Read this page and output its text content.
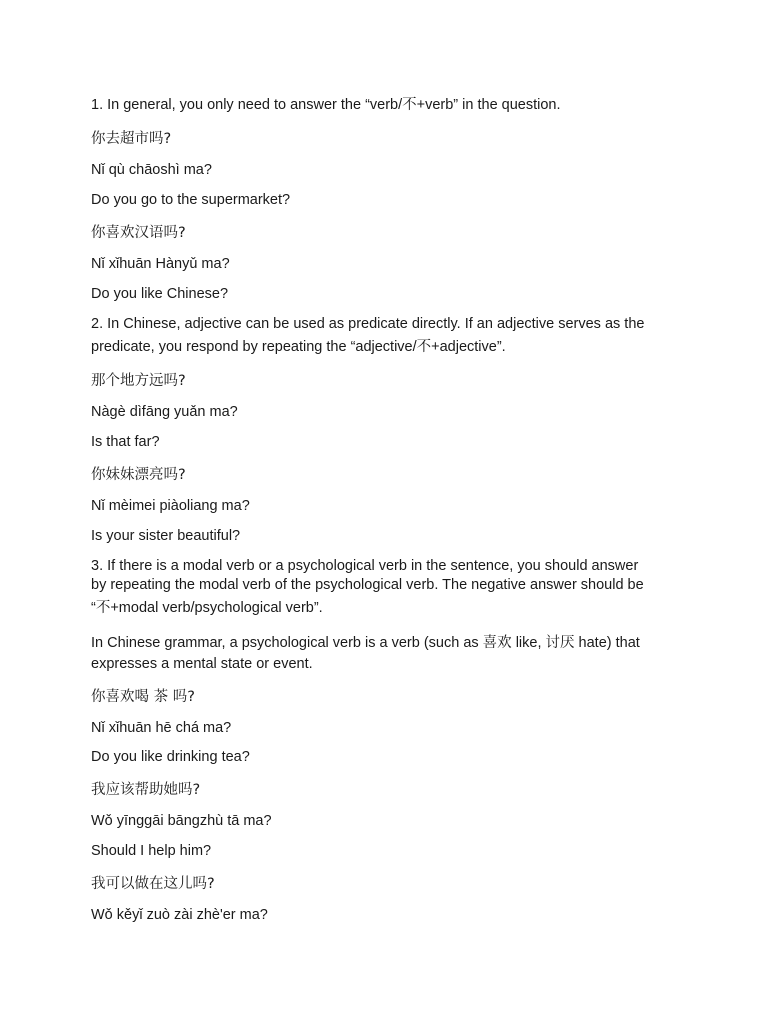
1. In general, you only need to answer the “verb/不+verb” in the question.
你去超市吗?
Nǐ qù chāoshì ma?
Do you go to the supermarket?
你喜欢汉语吗?
Nǐ xǐhuān Hànyǔ ma?
Do you like Chinese?
2. In Chinese, adjective can be used as predicate directly. If an adjective serves as the
predicate, you respond by repeating the “adjective/不+adjective”.
那个地方远吗?
Nàgè dìfāng yuǎn ma?
Is that far?
你妹妹漂亮吗?
Nǐ mèimei piàoliang ma?
Is your sister beautiful?
3. If there is a modal verb or a psychological verb in the sentence, you should answer
by repeating the modal verb of the psychological verb. The negative answer should be
“不+modal verb/psychological verb”.
In Chinese grammar, a psychological verb is a verb (such as 喜欢 like, 讨厌 hate) that
expresses a mental state or event.
你喜欢喝 茶 吗?
Nǐ xǐhuān hē chá ma?
Do you like drinking tea?
我应该帮助她吗?
Wǒ yīnggāi bāngzhù tā ma?
Should I help him?
我可以做在这儿吗?
Wǒ kěyǐ zuò zài zhè'er ma?
